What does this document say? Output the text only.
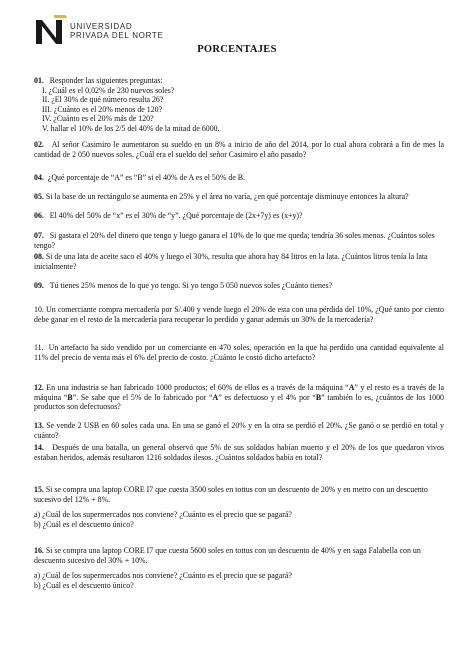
UNIVERSIDAD
PRIVADA DEL NORTE
PORCENTAJES
01. Responder las siguientes preguntas:
I. ¿Cuál es el 0,02% de 230 nuevos soles?
II. ¿El 30% de qué número resulta 26?
III. ¿Cuánto es el 20% menos de 120?
IV. ¿Cuánto es el 20% más de 120?
V. hallar el 10% de los 2/5 del 40% de la mitad de 6000.
02. Al señor Casimiro le aumentaron su sueldo en un 8% a inicio de año del 2014, por lo cual ahora cobrará a fin de mes la cantidad de 2 050 nuevos soles. ¿Cuál era el sueldo del señor Casimiro el año pasado?
04. ¿Qué porcentaje de “A” es “B” si el 40% de A es el 50% de B.
05. Si la base de un rectángulo se aumenta en 25% y el área no varía, ¿en qué porcentaje disminuye entonces la altura?
06. El 40% del 50% de “x” es el 30% de “y”. ¿Qué porcentaje de (2x+7y) es (x+y)?
07. Si gastara el 20% del dinero que tengo y luego ganara el 10% de lo que me queda; tendría 36 soles menos. ¿Cuántos soles tengo?
08. Si de una lata de aceite saco el 40% y luego el 30%, resulta que ahora hay 84 litros en la lata. ¿Cuántos litros tenía la lata inicialmente?
09. Tú tienes 25% menos de lo que yo tengo. Si yo tengo 5 050 nuevos soles ¿Cuánto tienes?
10. Un comerciante compra mercadería por S/.400 y vende luego el 20% de esta con una pérdida del 10%, ¿Qué tanto por ciento debe ganar en el resto de la mercadería para recuperar lo perdido y ganar además un 30% de la mercadería?
11. Un artefacto ha sido vendido por un comerciante en 470 soles, operación en la que ha perdido una cantidad equivalente al 11% del precio de venta más el 6% del precio de costo. ¿Cuánto le costó dicho artefacto?
12. En una industria se han fabricado 1000 productos; el 60% de ellos es a través de la máquina “A” y el resto es a través de la máquina “B”. Se sabe que el 5% de lo fabricado por “A” es defectuoso y el 4% por “B” también lo es, ¿cuántos de los 1000 productos son defectuosos?
13. Se vende 2 USB en 60 soles cada una. En una se ganó el 20% y en la otra se perdió el 20%. ¿Se ganó o se perdió en total y cuánto?
14. Después de una batalla, un general observó que 5% de sus soldados habían muerto y el 20% de los que quedaron vivos estaban heridos, además resultaron 1216 soldados ilesos. ¿Cuántos soldados había en total?
15. Si se compra una laptop CORE I7 que cuesta 3500 soles en tottus con un descuento de 20% y en metro con un descuento sucesivo del 12% + 8%.
a) ¿Cuál de los supermercados nos conviene? ¿Cuánto es el precio que se pagará?
b) ¿Cuál es el descuento único?
16. Si se compra una laptop CORE I7 que cuesta 5600 soles en tottus con un descuento de 40% y en saga Falabella con un descuento sucesivo del 30% + 10%.
a) ¿Cuál de los supermercados nos conviene? ¿Cuánto es el precio que se pagará?
b) ¿Cuál es el descuento único?
